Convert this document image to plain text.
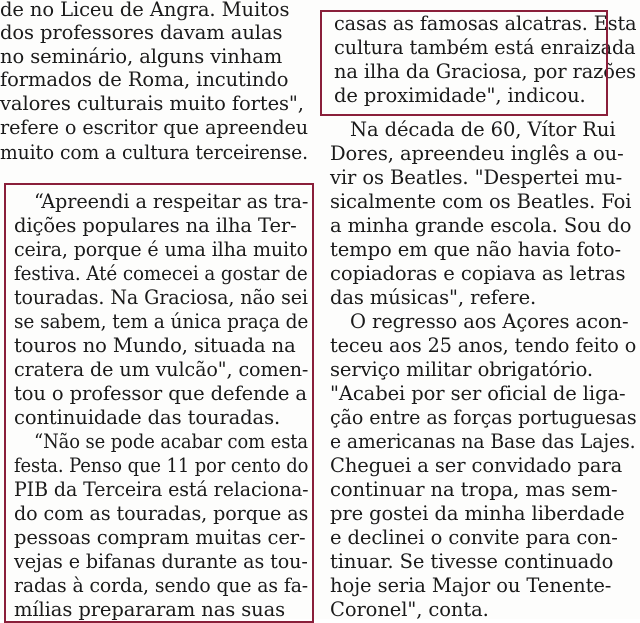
de no Liceu de Angra. Muitos
dos professores davam aulas
no seminário, alguns vinham
formados de Roma, incutindo
valores culturais muito fortes",
refere o escritor que apreendeu
muito com a cultura terceirense.
“Apreendi a respeitar as tra-
dições populares na ilha Ter-
ceira, porque é uma ilha muito
festiva. Até comecei a gostar de
touradas. Na Graciosa, não sei
se sabem, tem a única praça de
touros no Mundo, situada na
cratera de um vulcão", comen-
tou o professor que defende a
continuidade das touradas.
“Não se pode acabar com esta
festa. Penso que 11 por cento do
PIB da Terceira está relaciona-
do com as touradas, porque as
pessoas compram muitas cer-
vejas e bifanas durante as tou-
radas à corda, sendo que as fa-
mílias prepararam nas suas
casas as famosas alcatras. Esta
cultura também está enraizada
na ilha da Graciosa, por razões
de proximidade", indicou.
Na década de 60, Vítor Rui
Dores, apreendeu inglês a ou-
vir os Beatles. "Despertei mu-
sicalmente com os Beatles. Foi
a minha grande escola. Sou do
tempo em que não havia foto-
copiadoras e copiava as letras
das músicas", refere.
O regresso aos Açores acon-
teceu aos 25 anos, tendo feito o
serviço militar obrigatório.
"Acabei por ser oficial de liga-
ção entre as forças portuguesas
e americanas na Base das Lajes.
Cheguei a ser convidado para
continuar na tropa, mas sem-
pre gostei da minha liberdade
e declinei o convite para con-
tinuar. Se tivesse continuado
hoje seria Major ou Tenente-
Coronel", conta.
